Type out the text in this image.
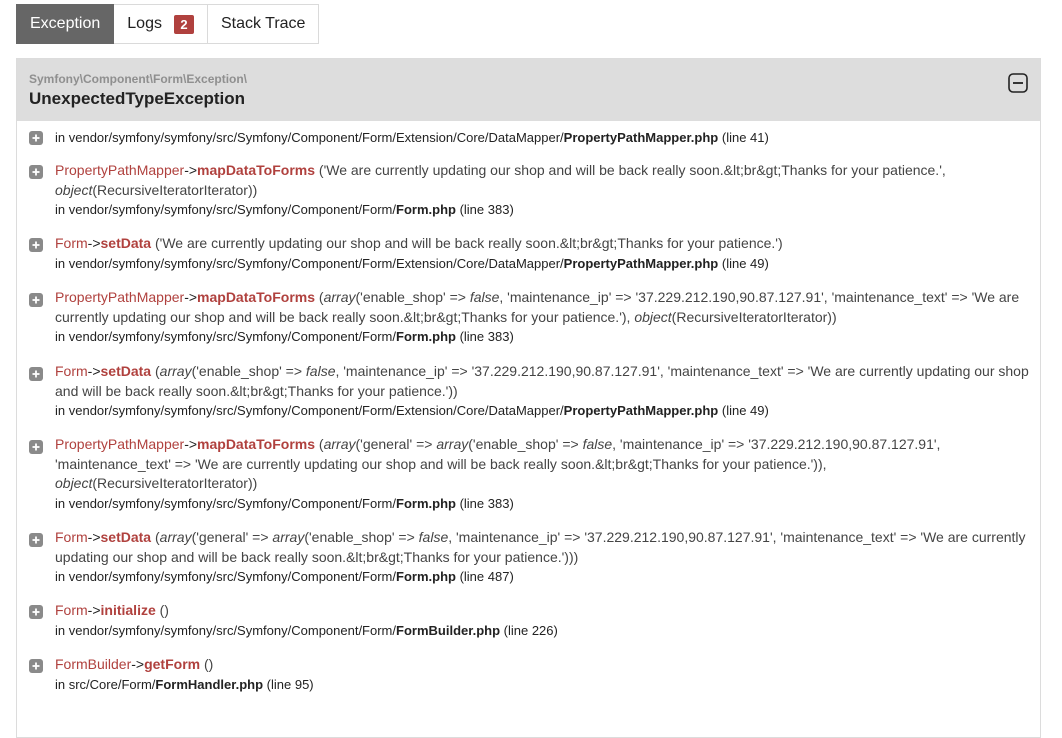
Exception Logs	2	Stack Trace
Symfony\Component\Form\Exception\
UnexpectedTypeException
in vendor/symfony/symfony/src/Symfony/Component/Form/Extension/Core/DataMapper/PropertyPathMapper.php (line 41)
PropertyPathMapper->mapDataToForms ('We are currently updating our shop and will be back really soon.&lt;br&gt;Thanks for your patience.',
object(RecursiveIteratorIterator))
in vendor/symfony/symfony/src/Symfony/Component/Form/Form.php (line 383)
Form->setData ('We are currently updating our shop and will be back really soon.&lt;br&gt;Thanks for your patience.')
in vendor/symfony/symfony/src/Symfony/Component/Form/Extension/Core/DataMapper/PropertyPathMapper.php (line 49)
PropertyPathMapper->mapDataToForms (array('enable_shop' => false, 'maintenance_ip' => '37.229.212.190,90.87.127.91', 'maintenance_text' => 'We are currently updating our shop and will be back really soon.&lt;br&gt;Thanks for your patience.'), object(RecursiveIteratorIterator))
in vendor/symfony/symfony/src/Symfony/Component/Form/Form.php (line 383)
Form->setData (array('enable_shop' => false, 'maintenance_ip' => '37.229.212.190,90.87.127.91', 'maintenance_text' => 'We are currently updating our shop and will be back really soon.&lt;br&gt;Thanks for your patience.'))
in vendor/symfony/symfony/src/Symfony/Component/Form/Extension/Core/DataMapper/PropertyPathMapper.php (line 49)
PropertyPathMapper->mapDataToForms (array('general' => array('enable_shop' => false, 'maintenance_ip' => '37.229.212.190,90.87.127.91', 'maintenance_text' => 'We are currently updating our shop and will be back really soon.&lt;br&gt;Thanks for your patience.')), object(RecursiveIteratorIterator))
in vendor/symfony/symfony/src/Symfony/Component/Form/Form.php (line 383)
Form->setData (array('general' => array('enable_shop' => false, 'maintenance_ip' => '37.229.212.190,90.87.127.91', 'maintenance_text' => 'We are currently updating our shop and will be back really soon.&lt;br&gt;Thanks for your patience.')))
in vendor/symfony/symfony/src/Symfony/Component/Form/Form.php (line 487)
Form->initialize ()
in vendor/symfony/symfony/src/Symfony/Component/Form/FormBuilder.php (line 226)
FormBuilder->getForm ()
in src/Core/Form/FormHandler.php (line 95)
